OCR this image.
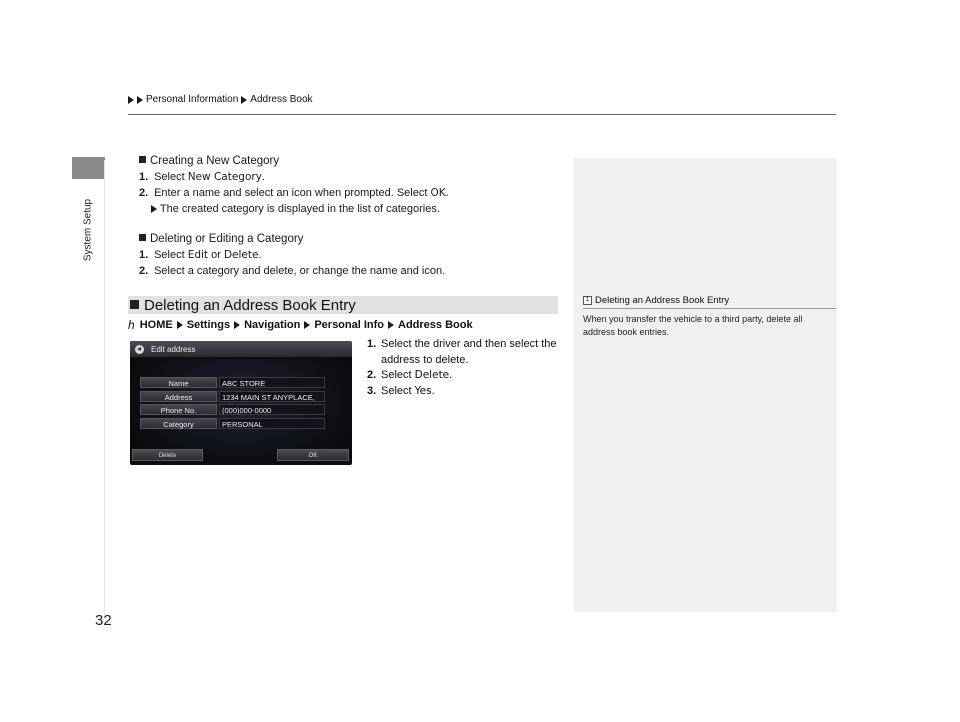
Personal Information Address Book
System Setup
32
Creating a New Category
1. Select New Category.
2. Enter a name and select an icon when prompted. Select OK.
The created category is displayed in the list of categories.
Deleting or Editing a Category
1. Select Edit or Delete.
2. Select a category and delete, or change the name and icon.
Deleting an Address Book Entry
h HOME Settings Navigation Personal Info Address Book
Edit address
Name	ABC STORE
Address	1234 MAIN ST ANYPLACE,
Phone No.	(000)000-0000
Category	PERSONAL
Delete	OK
1. Select the driver and then select the address to delete.
2. Select Delete.
3. Select Yes.
1 Deleting an Address Book Entry
When you transfer the vehicle to a third party, delete all address book entries.
